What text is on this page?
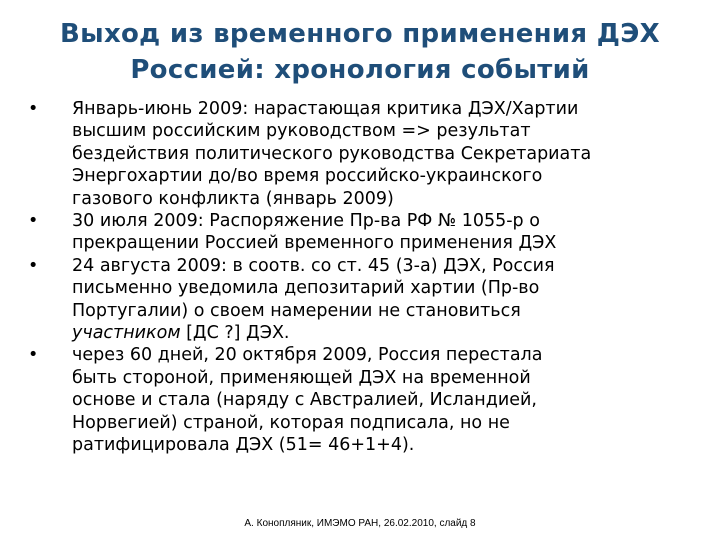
Выход из временного применения ДЭХ
Россией: хронология событий
•	Январь-июнь 2009: нарастающая критика ДЭХ/Хартии
высшим российским руководством => результат
бездействия политического руководства Секретариата
Энергохартии до/во время российско-украинского
газового конфликта (январь 2009)
•	30 июля 2009: Распоряжение Пр-ва РФ № 1055-р о
прекращении Россией временного применения ДЭХ
•	24 августа 2009: в соотв. со ст. 45 (3-а) ДЭХ, Россия
письменно уведомила депозитарий хартии (Пр-во
Португалии) о своем намерении не становиться
участником [ДС ?] ДЭХ.
•	через 60 дней, 20 октября 2009, Россия перестала
быть стороной, применяющей ДЭХ на временной
основе и стала (наряду с Австралией, Исландией,
Норвегией) страной, которая подписала, но не
ратифицировала ДЭХ (51= 46+1+4).
А. Конопляник, ИМЭМО РАН, 26.02.2010, слайд 8
